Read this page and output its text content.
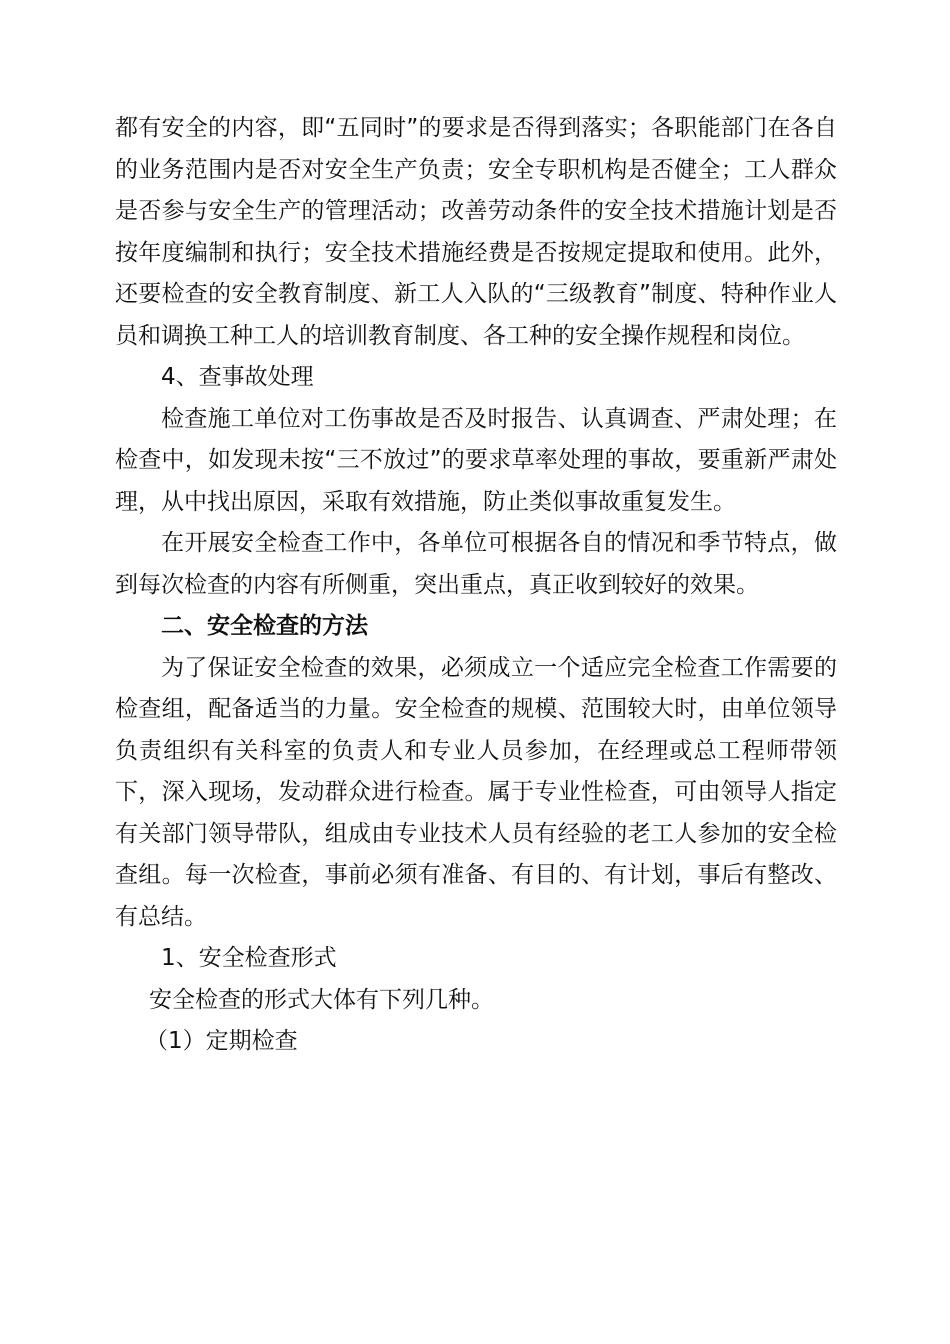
都有安全的内容，即“五同时”的要求是否得到落实；各职能部门在各自的业务范围内是否对安全生产负责；安全专职机构是否健全；工人群众是否参与安全生产的管理活动；改善劳动条件的安全技术措施计划是否按年度编制和执行；安全技术措施经费是否按规定提取和使用。此外，还要检查的安全教育制度、新工人入队的“三级教育”制度、特种作业人员和调换工种工人的培训教育制度、各工种的安全操作规程和岗位。

4、查事故处理

检查施工单位对工伤事故是否及时报告、认真调查、严肃处理；在检查中，如发现未按“三不放过”的要求草率处理的事故，要重新严肃处理，从中找出原因，采取有效措施，防止类似事故重复发生。

在开展安全检查工作中，各单位可根据各自的情况和季节特点，做到每次检查的内容有所侧重，突出重点，真正收到较好的效果。

二、安全检查的方法

为了保证安全检查的效果，必须成立一个适应完全检查工作需要的检查组，配备适当的力量。安全检查的规模、范围较大时，由单位领导负责组织有关科室的负责人和专业人员参加，在经理或总工程师带领下，深入现场，发动群众进行检查。属于专业性检查，可由领导人指定有关部门领导带队，组成由专业技术人员有经验的老工人参加的安全检查组。每一次检查，事前必须有准备、有目的、有计划，事后有整改、有总结。

1、安全检查形式

安全检查的形式大体有下列几种。

（1）定期检查
